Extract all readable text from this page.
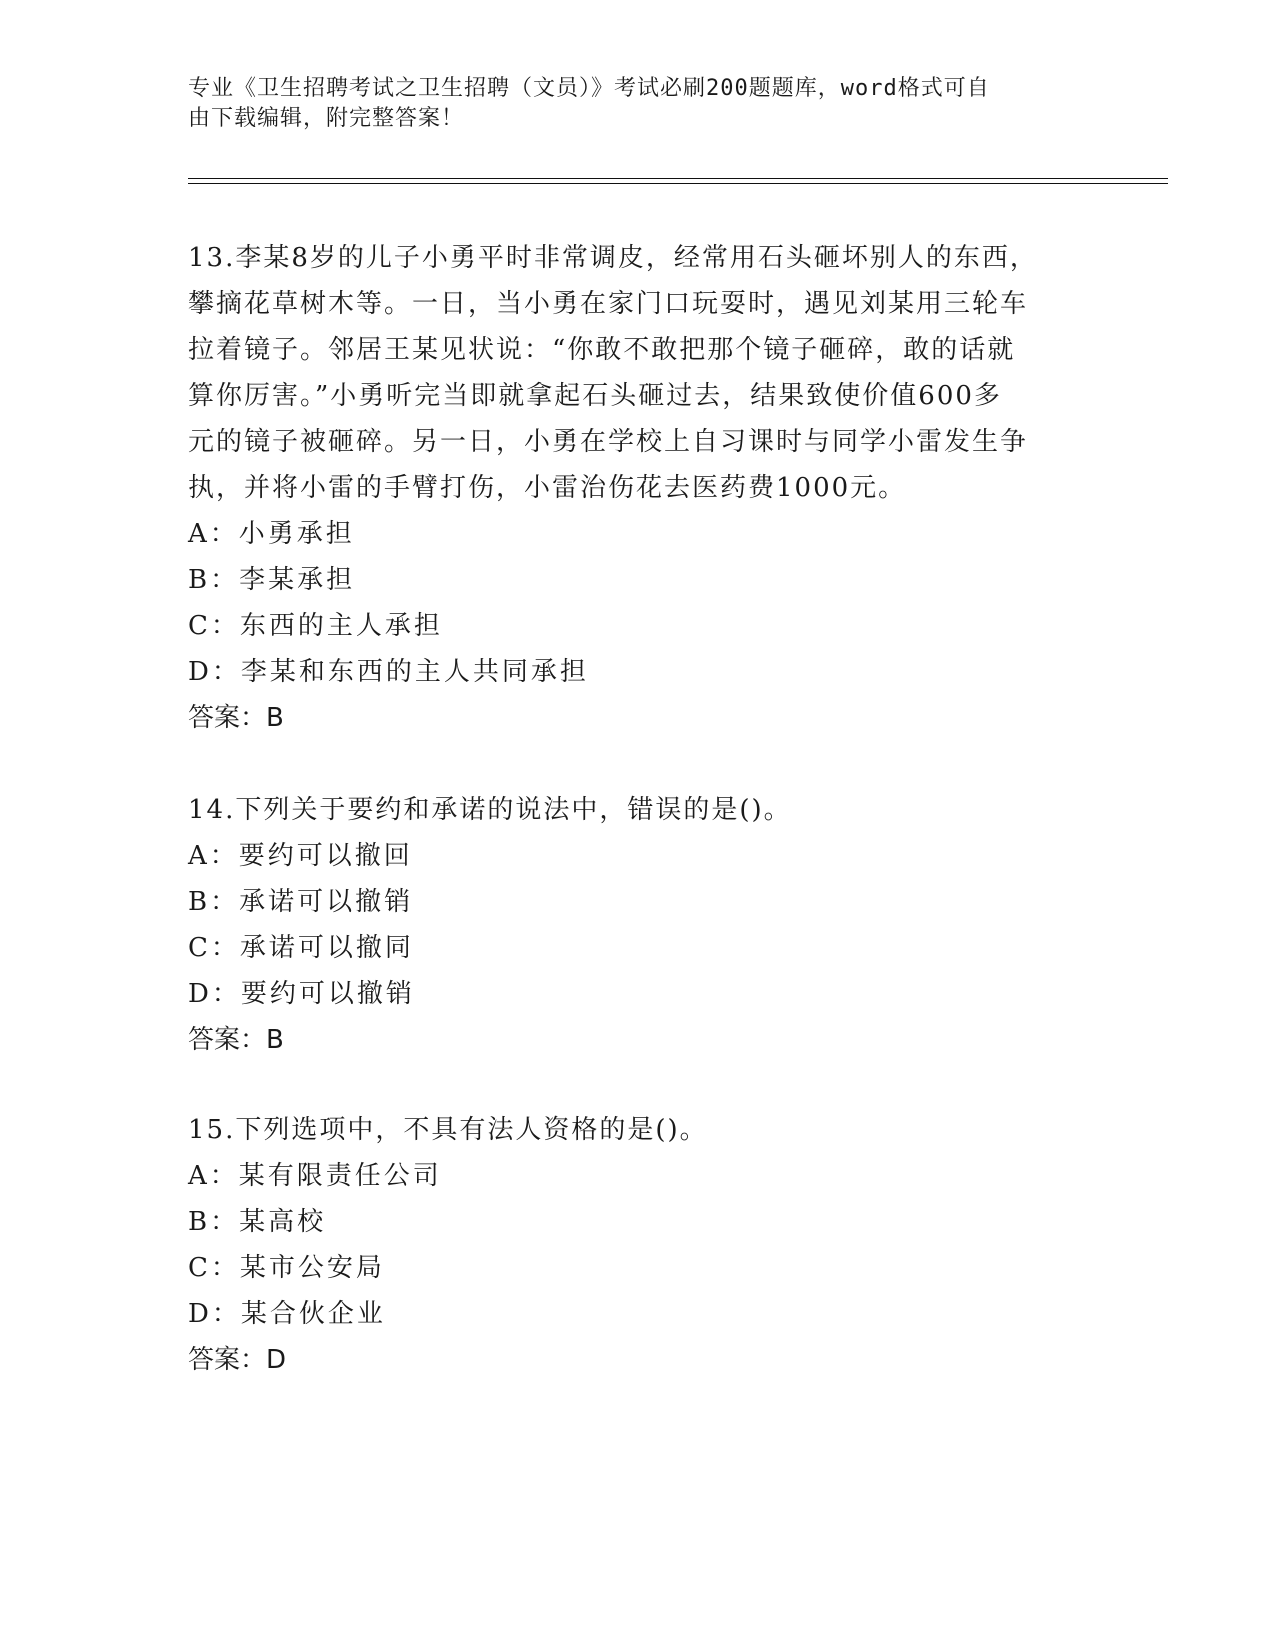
专业《卫生招聘考试之卫生招聘（文员）》考试必刷200题题库，word格式可自
由下载编辑，附完整答案！

13.李某8岁的儿子小勇平时非常调皮，经常用石头砸坏别人的东西，

攀摘花草树木等。一日，当小勇在家门口玩耍时，遇见刘某用三轮车

拉着镜子。邻居王某见状说：“你敢不敢把那个镜子砸碎，敢的话就

算你厉害。”小勇听完当即就拿起石头砸过去，结果致使价值600多

元的镜子被砸碎。另一日，小勇在学校上自习课时与同学小雷发生争

执，并将小雷的手臂打伤，小雷治伤花去医药费1000元。

A：小勇承担

B：李某承担

C：东西的主人承担

D：李某和东西的主人共同承担

答案：B

14.下列关于要约和承诺的说法中，错误的是()。

A：要约可以撤回

B：承诺可以撤销

C：承诺可以撤同

D：要约可以撤销

答案：B

15.下列选项中，不具有法人资格的是()。

A：某有限责任公司

B：某高校

C：某市公安局

D：某合伙企业

答案：D
